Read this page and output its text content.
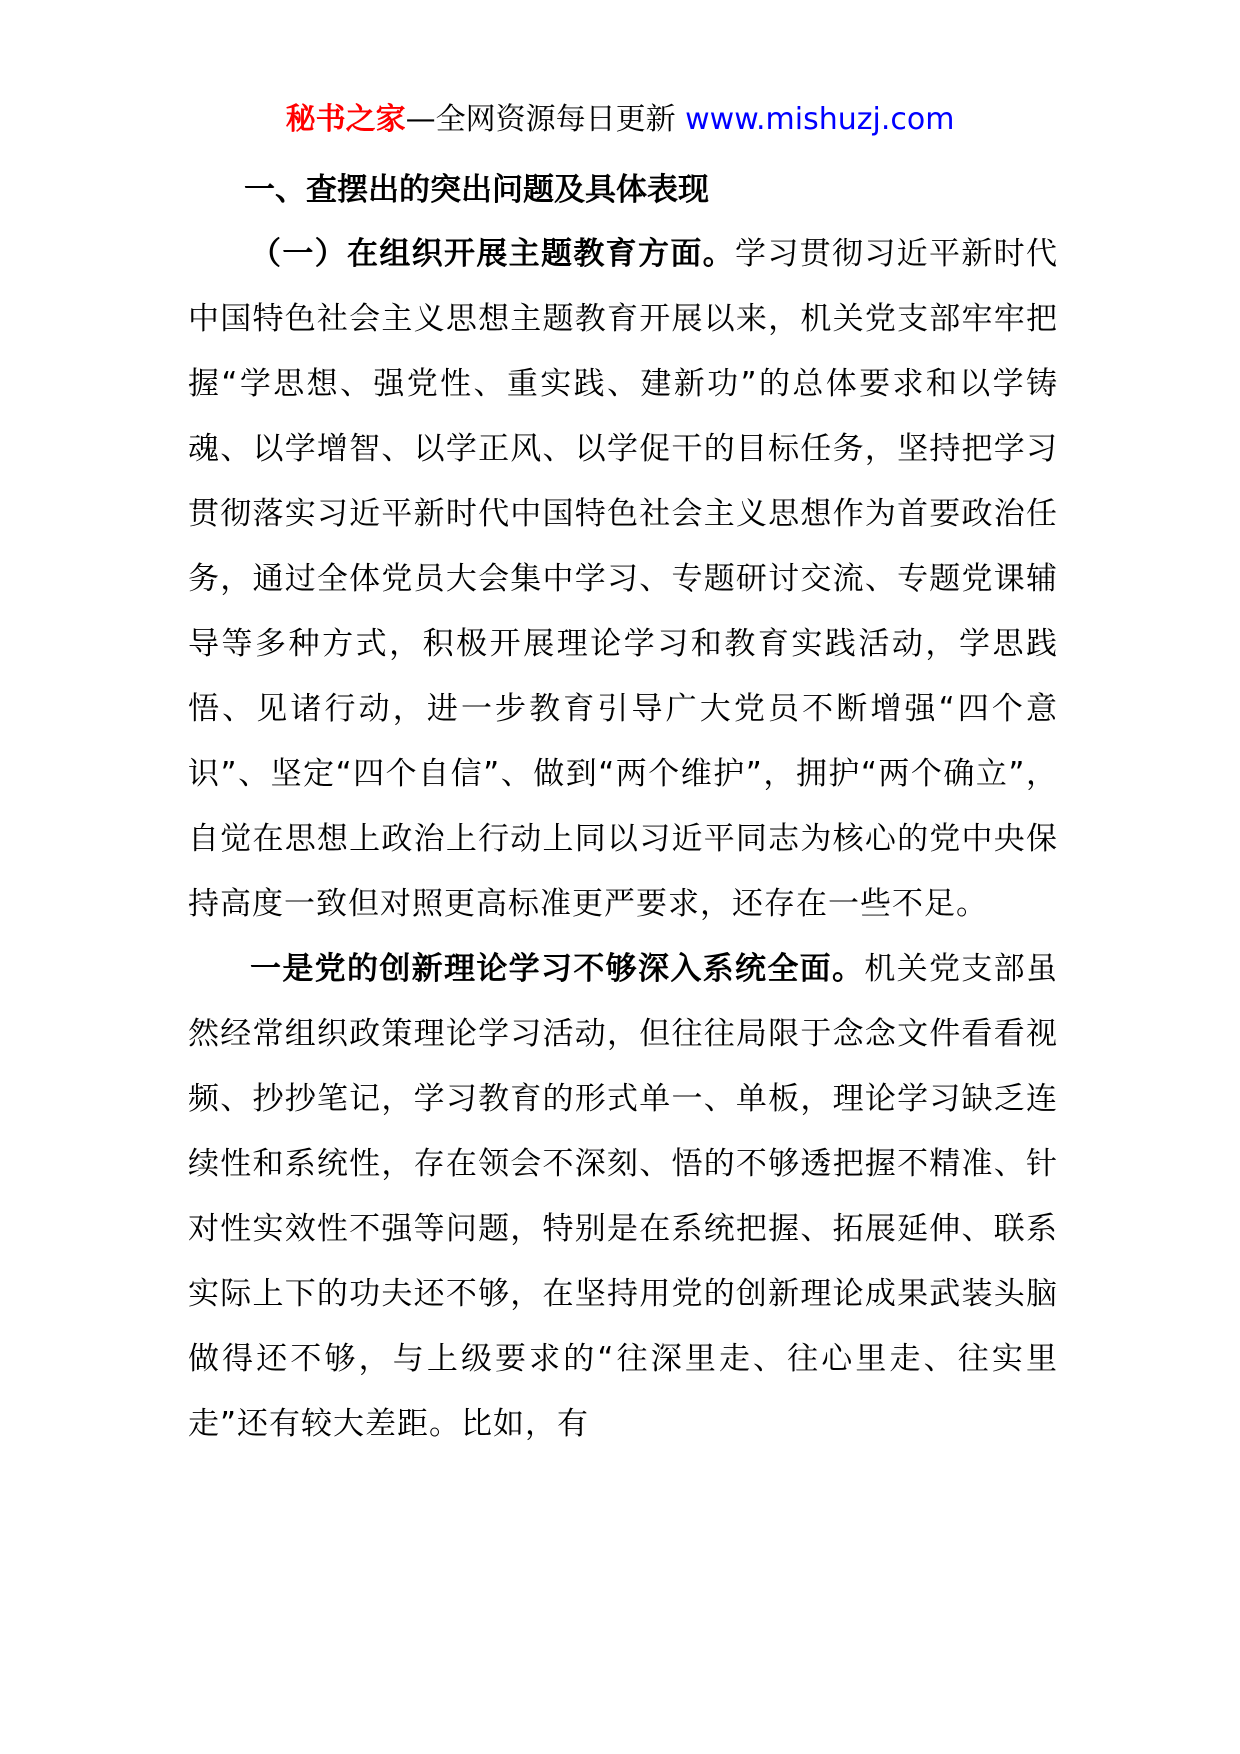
秘书之家—全网资源每日更新 www.mishuzj.com
一、查摆出的突出问题及具体表现

（一）在组织开展主题教育方面。学习贯彻习近平新时代中国特色社会主义思想主题教育开展以来，机关党支部牢牢把握“学思想、强党性、重实践、建新功”的总体要求和以学铸魂、以学增智、以学正风、以学促干的目标任务，坚持把学习贯彻落实习近平新时代中国特色社会主义思想作为首要政治任务，通过全体党员大会集中学习、专题研讨交流、专题党课辅导等多种方式，积极开展理论学习和教育实践活动，学思践悟、见诸行动，进一步教育引导广大党员不断增强“四个意识”、坚定“四个自信”、做到“两个维护”，拥护“两个确立”，自觉在思想上政治上行动上同以习近平同志为核心的党中央保持高度一致但对照更高标准更严要求，还存在一些不足。

一是党的创新理论学习不够深入系统全面。机关党支部虽然经常组织政策理论学习活动，但往往局限于念念文件看看视频、抄抄笔记，学习教育的形式单一、单板，理论学习缺乏连续性和系统性，存在领会不深刻、悟的不够透把握不精准、针对性实效性不强等问题，特别是在系统把握、拓展延伸、联系实际上下的功夫还不够，在坚持用党的创新理论成果武装头脑做得还不够，与上级要求的“往深里走、往心里走、往实里走”还有较大差距。比如，有
